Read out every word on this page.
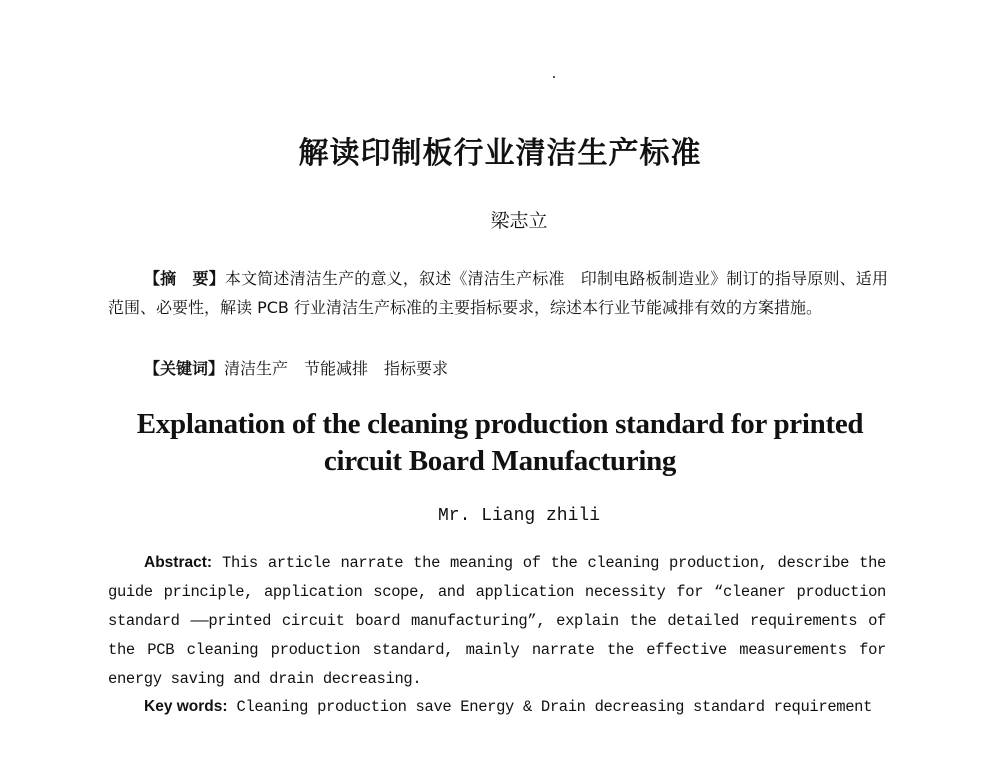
解读印制板行业清洁生产标准
梁志立

【摘　要】本文简述清洁生产的意义，叙述《清洁生产标准　印制电路板制造业》制订的指导原则、适用范围、必要性，解读 PCB 行业清洁生产标准的主要指标要求，综述本行业节能减排有效的方案措施。

【关键词】清洁生产　节能减排　指标要求

Explanation of the cleaning production standard for printed circuit Board Manufacturing

Mr. Liang zhili

Abstract: This article narrate the meaning of the cleaning production, describe the guide principle, application scope, and application necessity for “cleaner production standard ——printed circuit board manufacturing”, explain the detailed requirements of the PCB cleaning production standard, mainly narrate the effective measurements for energy saving and drain decreasing.

Key words: Cleaning production save Energy & Drain decreasing standard requirement
